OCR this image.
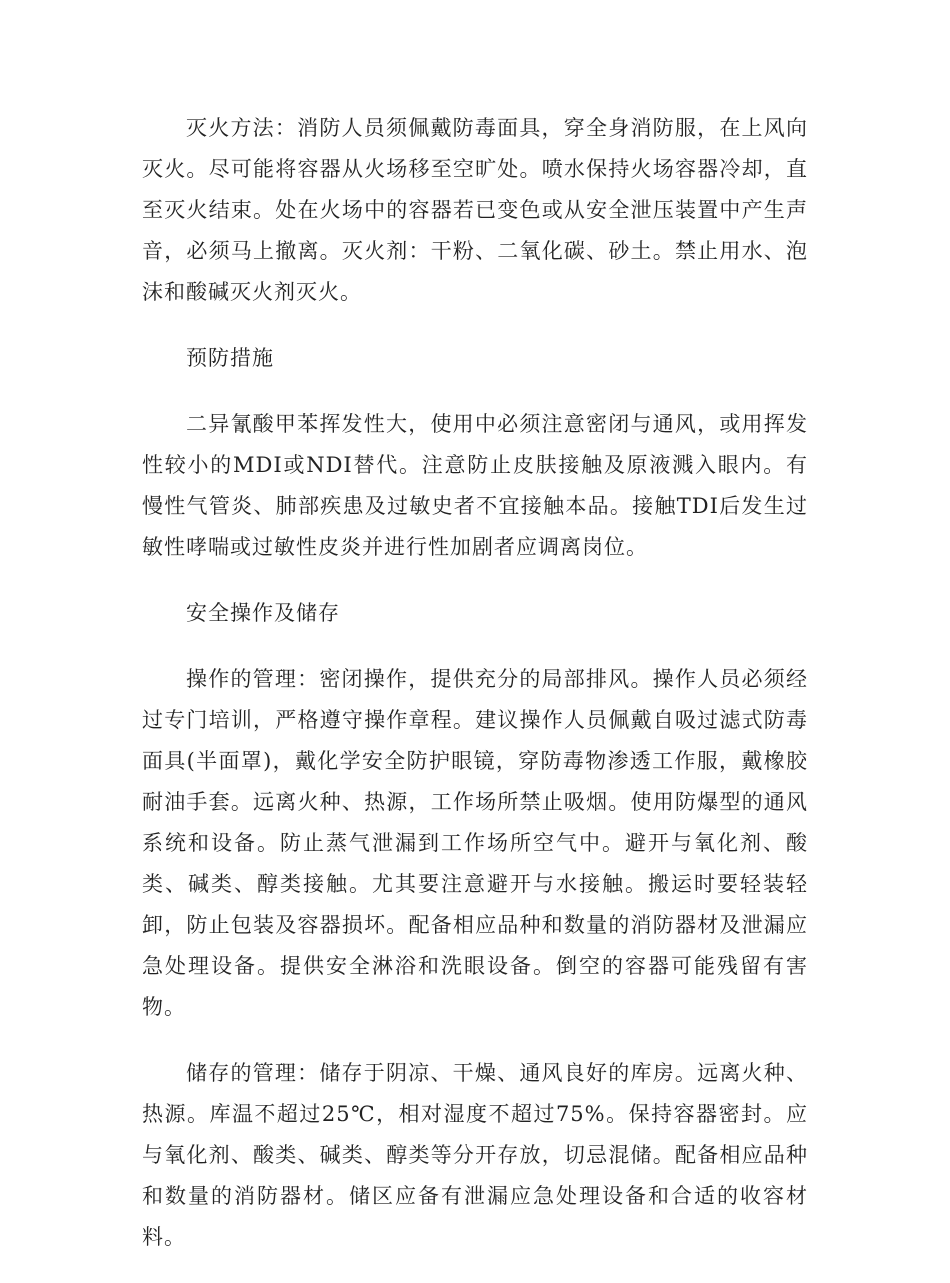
灭火方法：消防人员须佩戴防毒面具，穿全身消防服，在上风向灭火。尽可能将容器从火场移至空旷处。喷水保持火场容器冷却，直至灭火结束。处在火场中的容器若已变色或从安全泄压装置中产生声音，必须马上撤离。灭火剂：干粉、二氧化碳、砂土。禁止用水、泡沫和酸碱灭火剂灭火。

预防措施

二异氰酸甲苯挥发性大，使用中必须注意密闭与通风，或用挥发性较小的MDI或NDI替代。注意防止皮肤接触及原液溅入眼内。有慢性气管炎、肺部疾患及过敏史者不宜接触本品。接触TDI后发生过敏性哮喘或过敏性皮炎并进行性加剧者应调离岗位。

安全操作及储存

操作的管理：密闭操作，提供充分的局部排风。操作人员必须经过专门培训，严格遵守操作章程。建议操作人员佩戴自吸过滤式防毒面具(半面罩)，戴化学安全防护眼镜，穿防毒物渗透工作服，戴橡胶耐油手套。远离火种、热源，工作场所禁止吸烟。使用防爆型的通风系统和设备。防止蒸气泄漏到工作场所空气中。避开与氧化剂、酸类、碱类、醇类接触。尤其要注意避开与水接触。搬运时要轻装轻卸，防止包装及容器损坏。配备相应品种和数量的消防器材及泄漏应急处理设备。提供安全淋浴和洗眼设备。倒空的容器可能残留有害物。

储存的管理：储存于阴凉、干燥、通风良好的库房。远离火种、热源。库温不超过25℃，相对湿度不超过75%。保持容器密封。应与氧化剂、酸类、碱类、醇类等分开存放，切忌混储。配备相应品种和数量的消防器材。储区应备有泄漏应急处理设备和合适的收容材料。
